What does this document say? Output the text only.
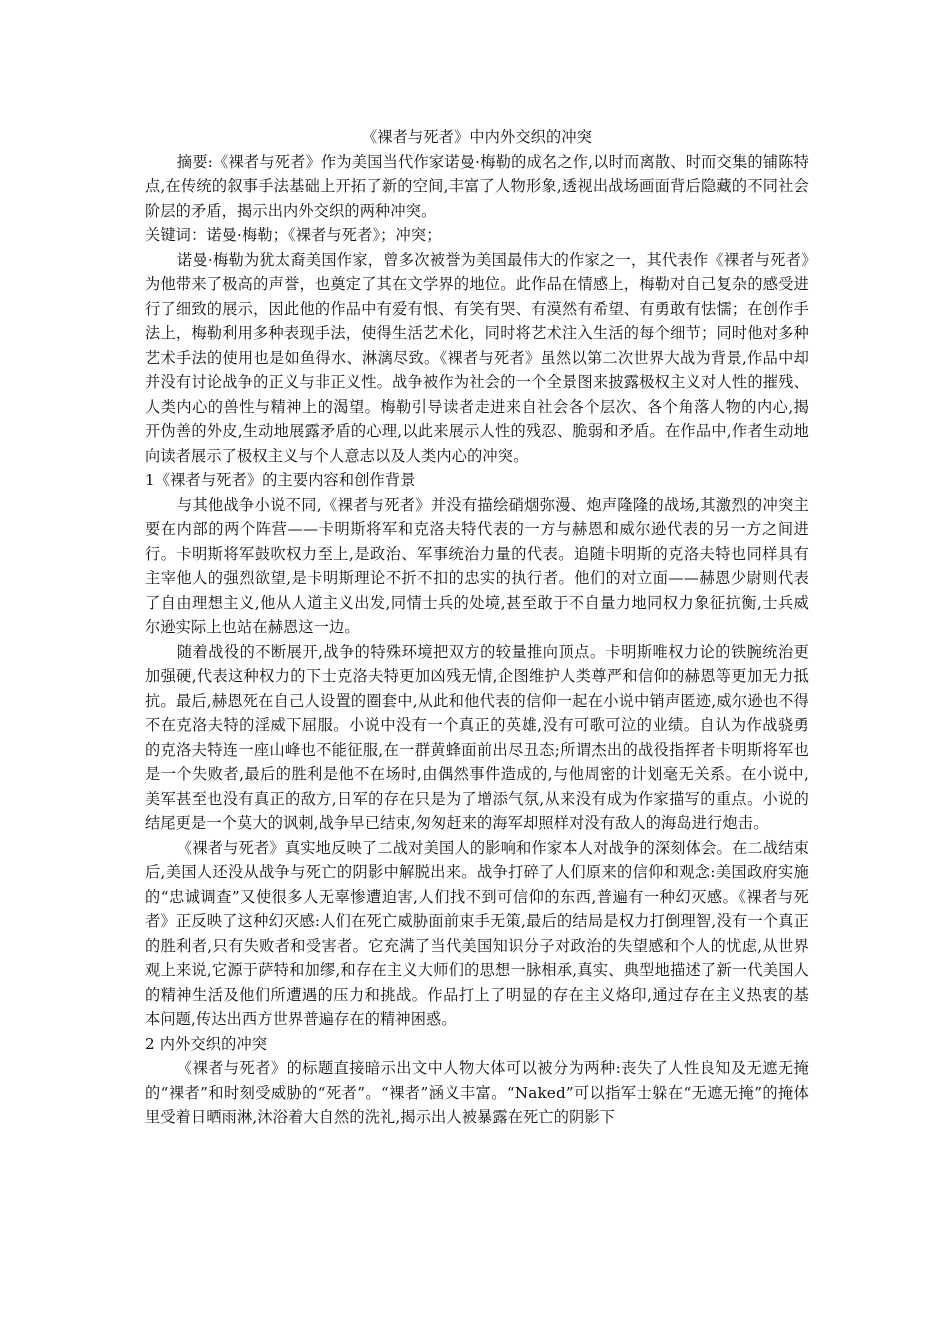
《裸者与死者》中内外交织的冲突

摘要:《裸者与死者》作为美国当代作家诺曼·梅勒的成名之作,以时而离散、时而交集的铺陈特点,在传统的叙事手法基础上开拓了新的空间,丰富了人物形象,透视出战场画面背后隐藏的不同社会阶层的矛盾，揭示出内外交织的两种冲突。

关键词：诺曼·梅勒；《裸者与死者》；冲突；

诺曼·梅勒为犹太裔美国作家，曾多次被誉为美国最伟大的作家之一，其代表作《裸者与死者》为他带来了极高的声誉，也奠定了其在文学界的地位。此作品在情感上，梅勒对自己复杂的感受进行了细致的展示，因此他的作品中有爱有恨、有笑有哭、有漠然有希望、有勇敢有怯懦；在创作手法上，梅勒利用多种表现手法，使得生活艺术化，同时将艺术注入生活的每个细节；同时他对多种艺术手法的使用也是如鱼得水、淋漓尽致。《裸者与死者》虽然以第二次世界大战为背景,作品中却并没有讨论战争的正义与非正义性。战争被作为社会的一个全景图来披露极权主义对人性的摧残、人类内心的兽性与精神上的渴望。梅勒引导读者走进来自社会各个层次、各个角落人物的内心,揭开伪善的外皮,生动地展露矛盾的心理,以此来展示人性的残忍、脆弱和矛盾。在作品中,作者生动地向读者展示了极权主义与个人意志以及人类内心的冲突。

1《裸者与死者》的主要内容和创作背景

与其他战争小说不同,《裸者与死者》并没有描绘硝烟弥漫、炮声隆隆的战场,其激烈的冲突主要在内部的两个阵营——卡明斯将军和克洛夫特代表的一方与赫恩和威尔逊代表的另一方之间进行。卡明斯将军鼓吹权力至上,是政治、军事统治力量的代表。追随卡明斯的克洛夫特也同样具有主宰他人的强烈欲望,是卡明斯理论不折不扣的忠实的执行者。他们的对立面——赫恩少尉则代表了自由理想主义,他从人道主义出发,同情士兵的处境,甚至敢于不自量力地同权力象征抗衡,士兵威尔逊实际上也站在赫恩这一边。

随着战役的不断展开,战争的特殊环境把双方的较量推向顶点。卡明斯唯权力论的铁腕统治更加强硬,代表这种权力的下士克洛夫特更加凶残无情,企图维护人类尊严和信仰的赫恩等更加无力抵抗。最后,赫恩死在自己人设置的圈套中,从此和他代表的信仰一起在小说中销声匿迹,威尔逊也不得不在克洛夫特的淫威下屈服。小说中没有一个真正的英雄,没有可歌可泣的业绩。自认为作战骁勇的克洛夫特连一座山峰也不能征服,在一群黄蜂面前出尽丑态;所谓杰出的战役指挥者卡明斯将军也是一个失败者,最后的胜利是他不在场时,由偶然事件造成的,与他周密的计划毫无关系。在小说中,美军甚至也没有真正的敌方,日军的存在只是为了增添气氛,从来没有成为作家描写的重点。小说的结尾更是一个莫大的讽刺,战争早已结束,匆匆赶来的海军却照样对没有敌人的海岛进行炮击。

《裸者与死者》真实地反映了二战对美国人的影响和作家本人对战争的深刻体会。在二战结束后,美国人还没从战争与死亡的阴影中解脱出来。战争打碎了人们原来的信仰和观念:美国政府实施的“忠诚调查”又使很多人无辜惨遭迫害,人们找不到可信仰的东西,普遍有一种幻灭感。《裸者与死者》正反映了这种幻灭感:人们在死亡威胁面前束手无策,最后的结局是权力打倒理智,没有一个真正的胜利者,只有失败者和受害者。它充满了当代美国知识分子对政治的失望感和个人的忧虑,从世界观上来说,它源于萨特和加缪,和存在主义大师们的思想一脉相承,真实、典型地描述了新一代美国人的精神生活及他们所遭遇的压力和挑战。作品打上了明显的存在主义烙印,通过存在主义热衷的基本问题,传达出西方世界普遍存在的精神困惑。

2 内外交织的冲突

《裸者与死者》的标题直接暗示出文中人物大体可以被分为两种:丧失了人性良知及无遮无掩的“裸者”和时刻受威胁的“死者”。“裸者”涵义丰富。“Naked”可以指军士躲在“无遮无掩”的掩体里受着日晒雨淋,沐浴着大自然的洗礼,揭示出人被暴露在死亡的阴影下
